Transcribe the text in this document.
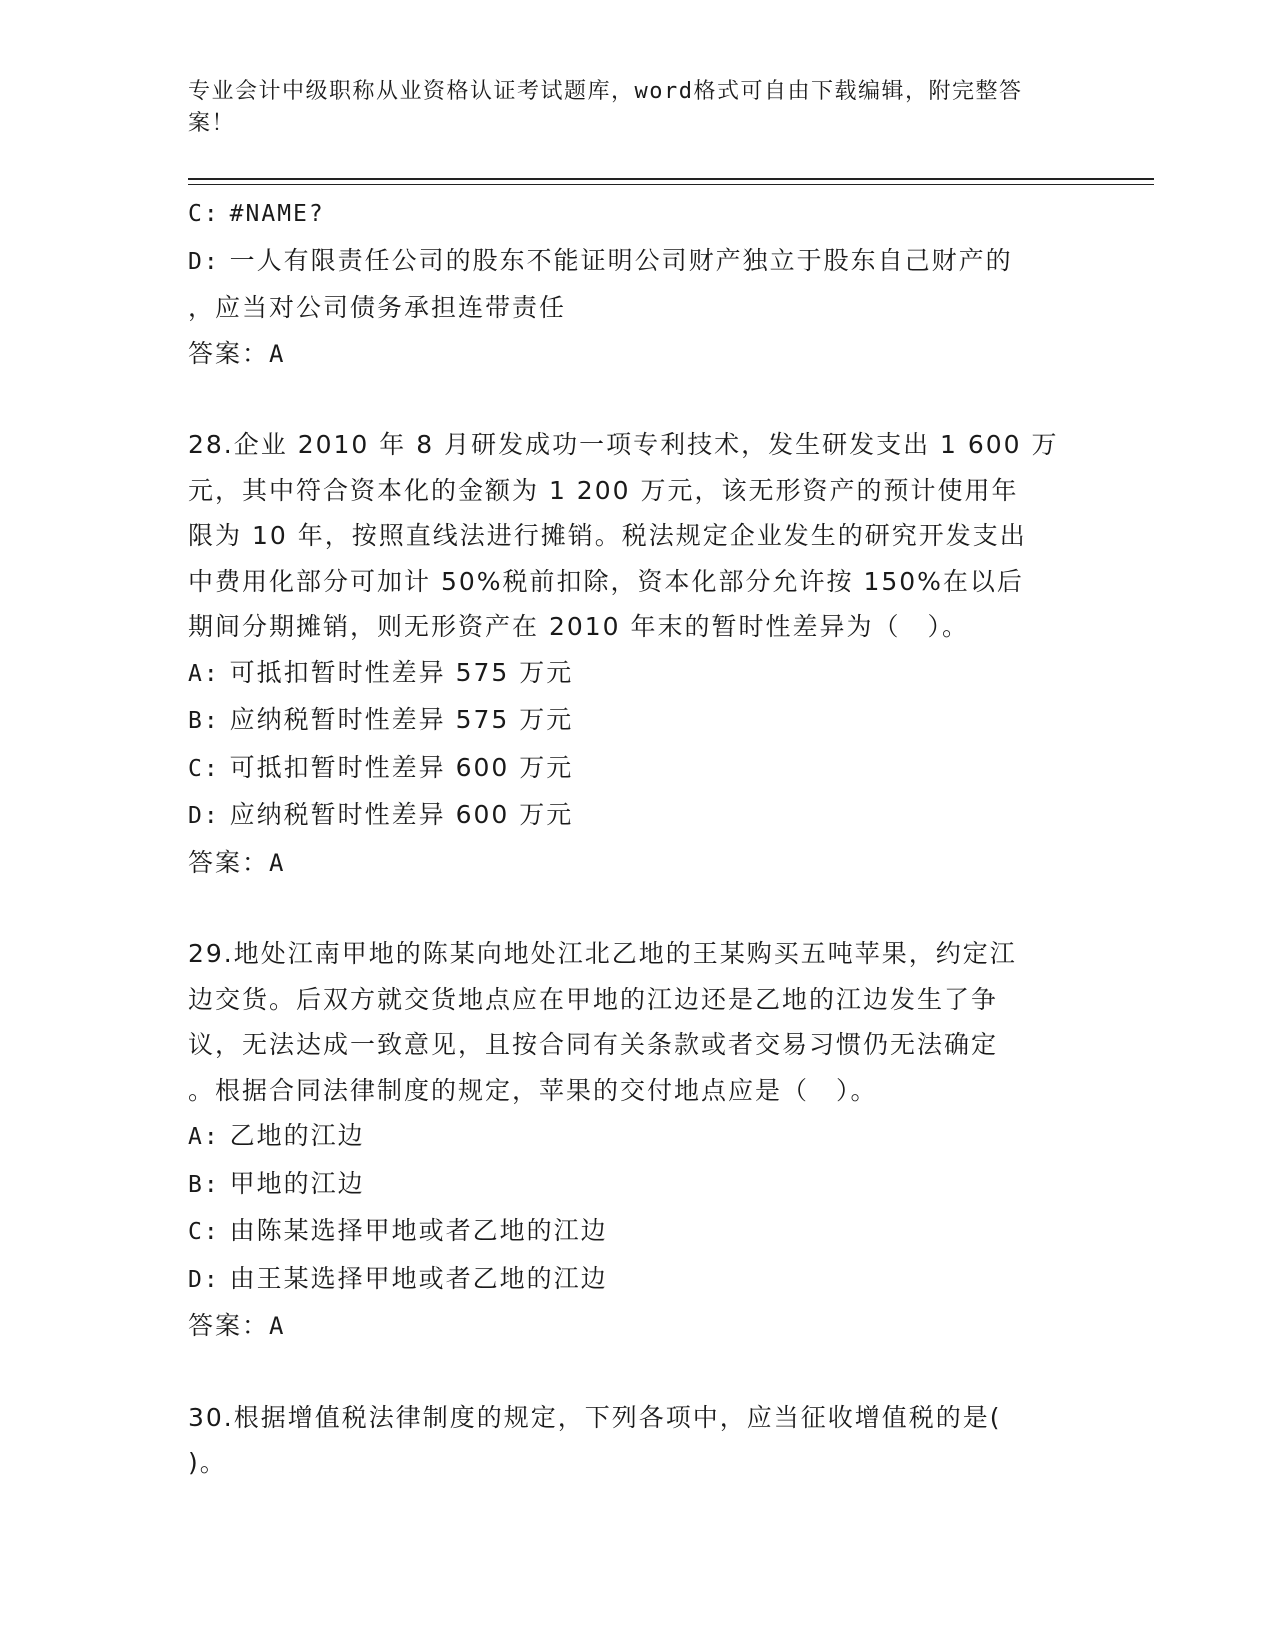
专业会计中级职称从业资格认证考试题库，word格式可自由下载编辑，附完整答
案！
C: #NAME?
D: 一人有限责任公司的股东不能证明公司财产独立于股东自己财产的
，应当对公司债务承担连带责任
答案：A
28.企业 2010 年 8 月研发成功一项专利技术，发生研发支出 1 600 万
元，其中符合资本化的金额为 1 200 万元，该无形资产的预计使用年
限为 10 年，按照直线法进行摊销。税法规定企业发生的研究开发支出
中费用化部分可加计 50%税前扣除，资本化部分允许按 150%在以后
期间分期摊销，则无形资产在 2010 年末的暂时性差异为（　）。
A: 可抵扣暂时性差异 575 万元
B: 应纳税暂时性差异 575 万元
C: 可抵扣暂时性差异 600 万元
D: 应纳税暂时性差异 600 万元
答案：A
29.地处江南甲地的陈某向地处江北乙地的王某购买五吨苹果，约定江
边交货。后双方就交货地点应在甲地的江边还是乙地的江边发生了争
议，无法达成一致意见，且按合同有关条款或者交易习惯仍无法确定
。根据合同法律制度的规定，苹果的交付地点应是（　）。
A: 乙地的江边
B: 甲地的江边
C: 由陈某选择甲地或者乙地的江边
D: 由王某选择甲地或者乙地的江边
答案：A
30.根据增值税法律制度的规定，下列各项中，应当征收增值税的是(
)。
